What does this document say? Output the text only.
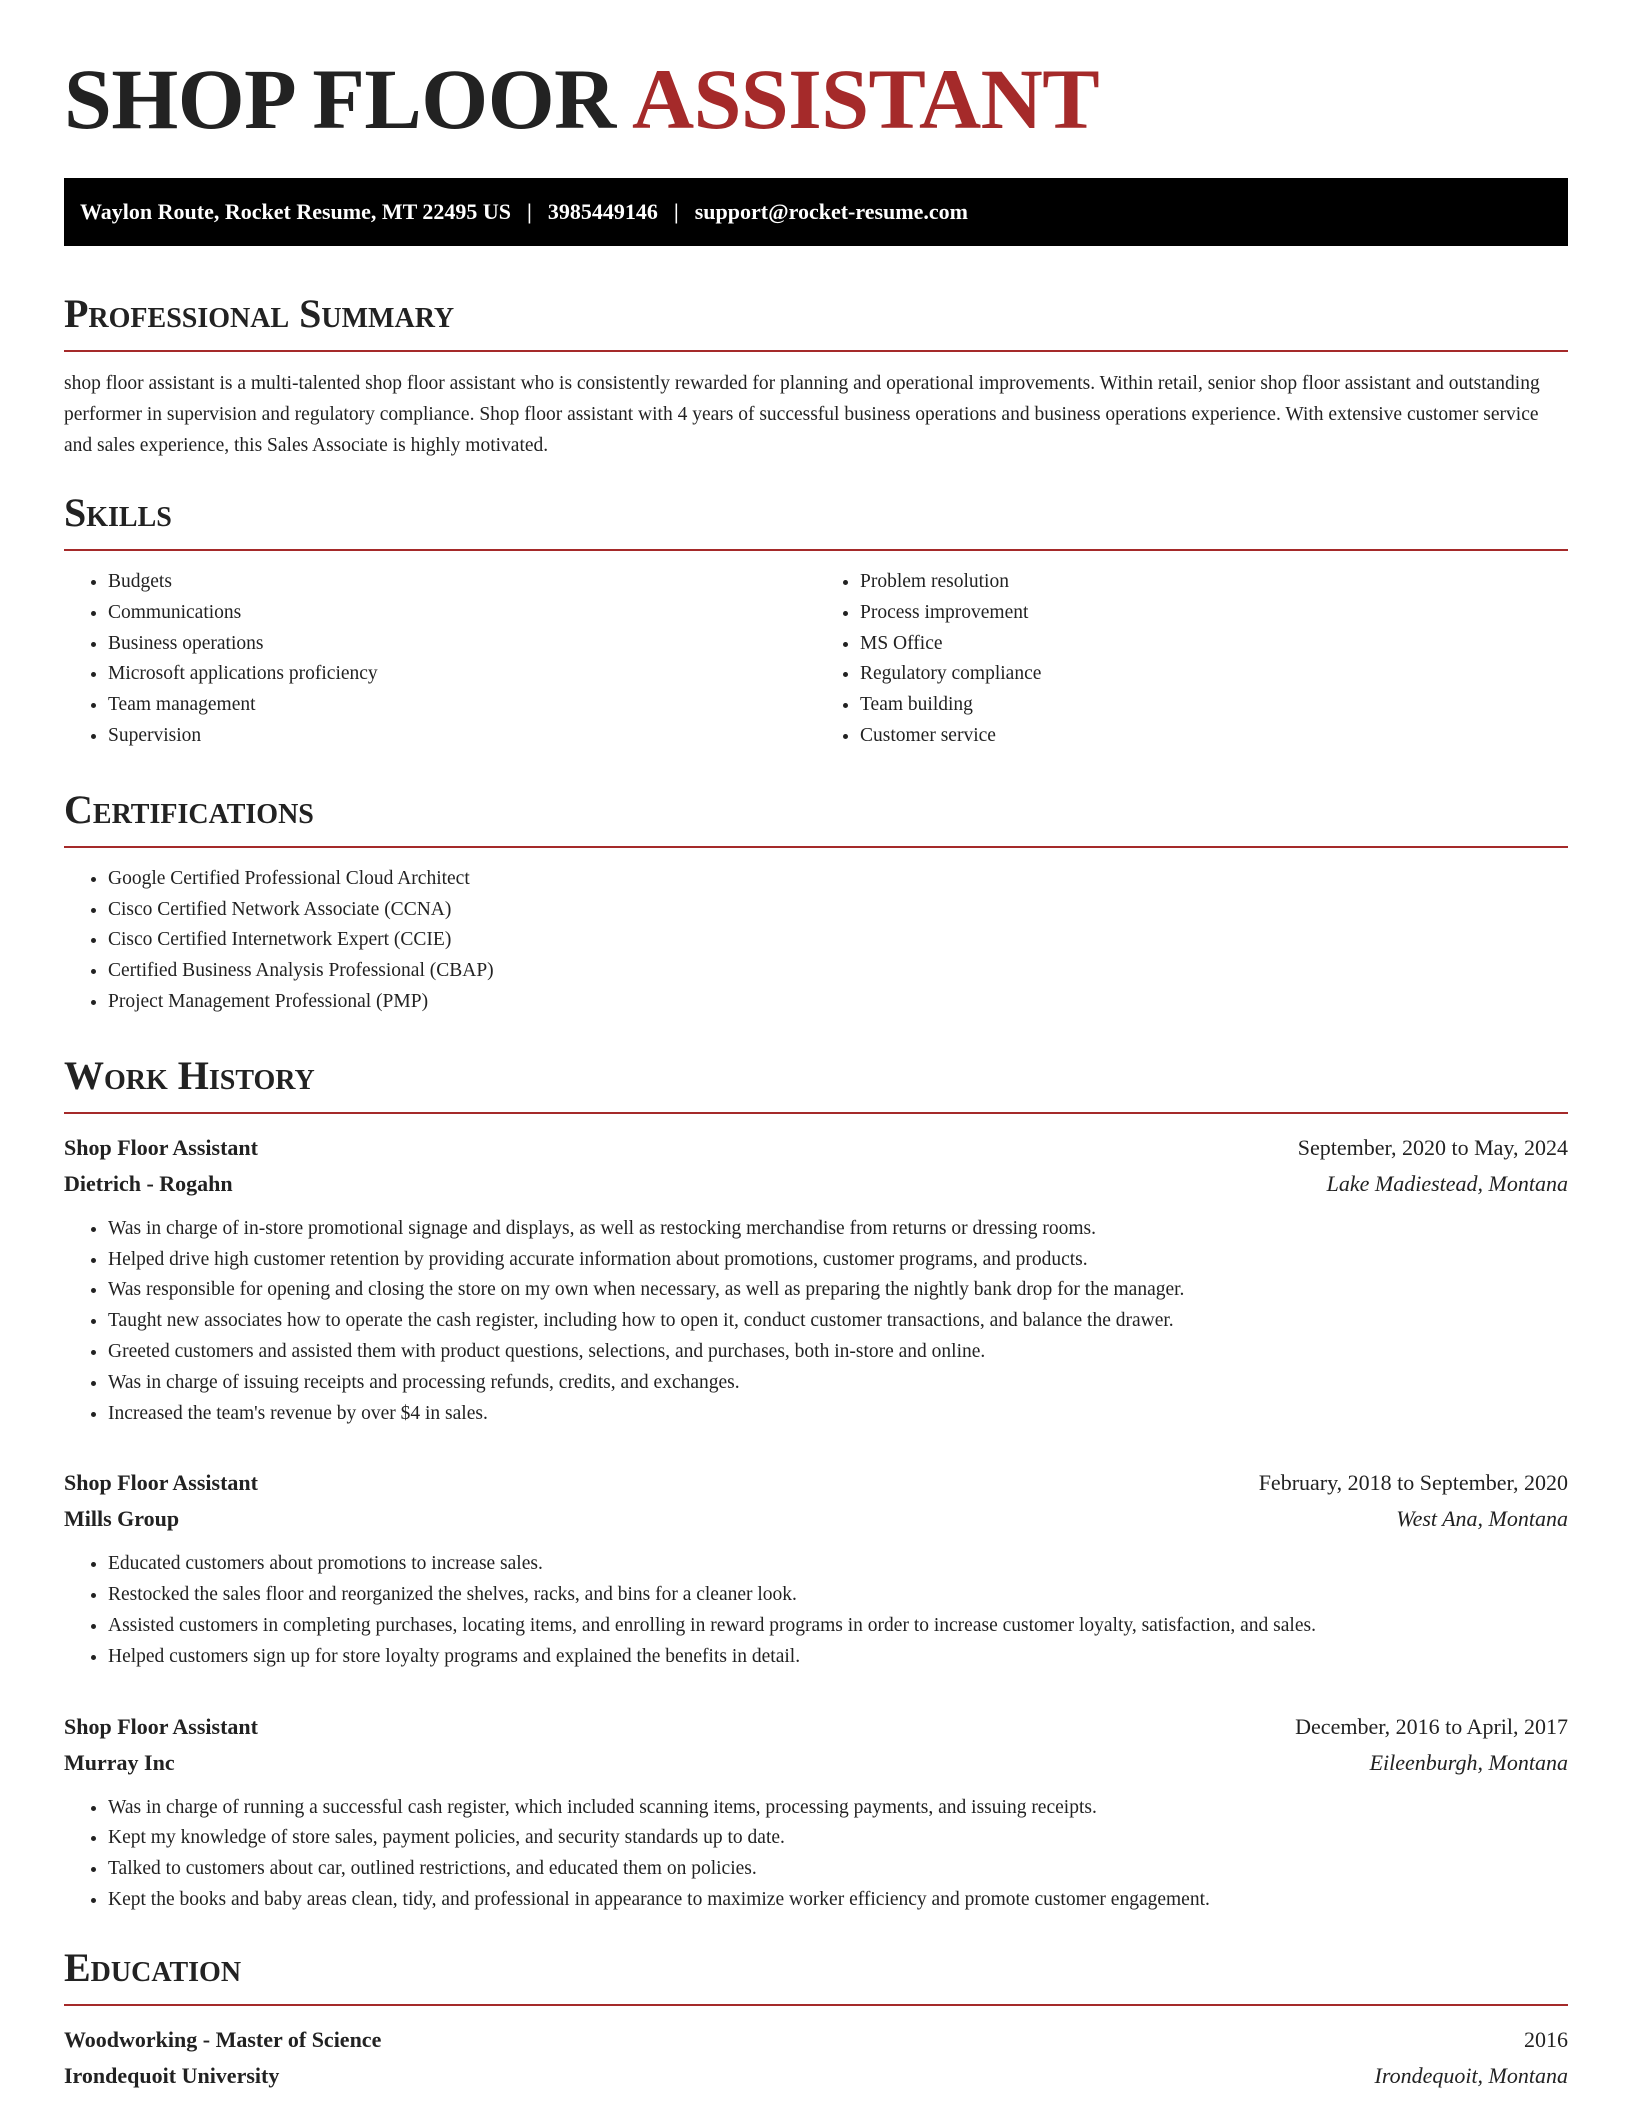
SHOP FLOOR ASSISTANT
Waylon Route, Rocket Resume, MT 22495 US | 3985449146 | support@rocket-resume.com
Professional Summary

shop floor assistant is a multi-talented shop floor assistant who is consistently rewarded for planning and operational improvements. Within retail, senior shop floor assistant and outstanding performer in supervision and regulatory compliance. Shop floor assistant with 4 years of successful business operations and business operations experience. With extensive customer service and sales experience, this Sales Associate is highly motivated.

Skills
• Budgets
• Communications
• Business operations
• Microsoft applications proficiency
• Team management
• Supervision
• Problem resolution
• Process improvement
• MS Office
• Regulatory compliance
• Team building
• Customer service
Certifications
• Google Certified Professional Cloud Architect
• Cisco Certified Network Associate (CCNA)
• Cisco Certified Internetwork Expert (CCIE)
• Certified Business Analysis Professional (CBAP)
• Project Management Professional (PMP)
Work History
Shop Floor Assistant	September, 2020 to May, 2024
Dietrich - Rogahn	Lake Madiestead, Montana
• Was in charge of in-store promotional signage and displays, as well as restocking merchandise from returns or dressing rooms.
• Helped drive high customer retention by providing accurate information about promotions, customer programs, and products.
• Was responsible for opening and closing the store on my own when necessary, as well as preparing the nightly bank drop for the manager.
• Taught new associates how to operate the cash register, including how to open it, conduct customer transactions, and balance the drawer.
• Greeted customers and assisted them with product questions, selections, and purchases, both in-store and online.
• Was in charge of issuing receipts and processing refunds, credits, and exchanges.
• Increased the team's revenue by over $4 in sales.
Shop Floor Assistant	February, 2018 to September, 2020
Mills Group	West Ana, Montana
• Educated customers about promotions to increase sales.
• Restocked the sales floor and reorganized the shelves, racks, and bins for a cleaner look.
• Assisted customers in completing purchases, locating items, and enrolling in reward programs in order to increase customer loyalty, satisfaction, and sales.
• Helped customers sign up for store loyalty programs and explained the benefits in detail.
Shop Floor Assistant	December, 2016 to April, 2017
Murray Inc	Eileenburgh, Montana
• Was in charge of running a successful cash register, which included scanning items, processing payments, and issuing receipts.
• Kept my knowledge of store sales, payment policies, and security standards up to date.
• Talked to customers about car, outlined restrictions, and educated them on policies.
• Kept the books and baby areas clean, tidy, and professional in appearance to maximize worker efficiency and promote customer engagement.
Education
Woodworking - Master of Science	2016
Irondequoit University	Irondequoit, Montana
